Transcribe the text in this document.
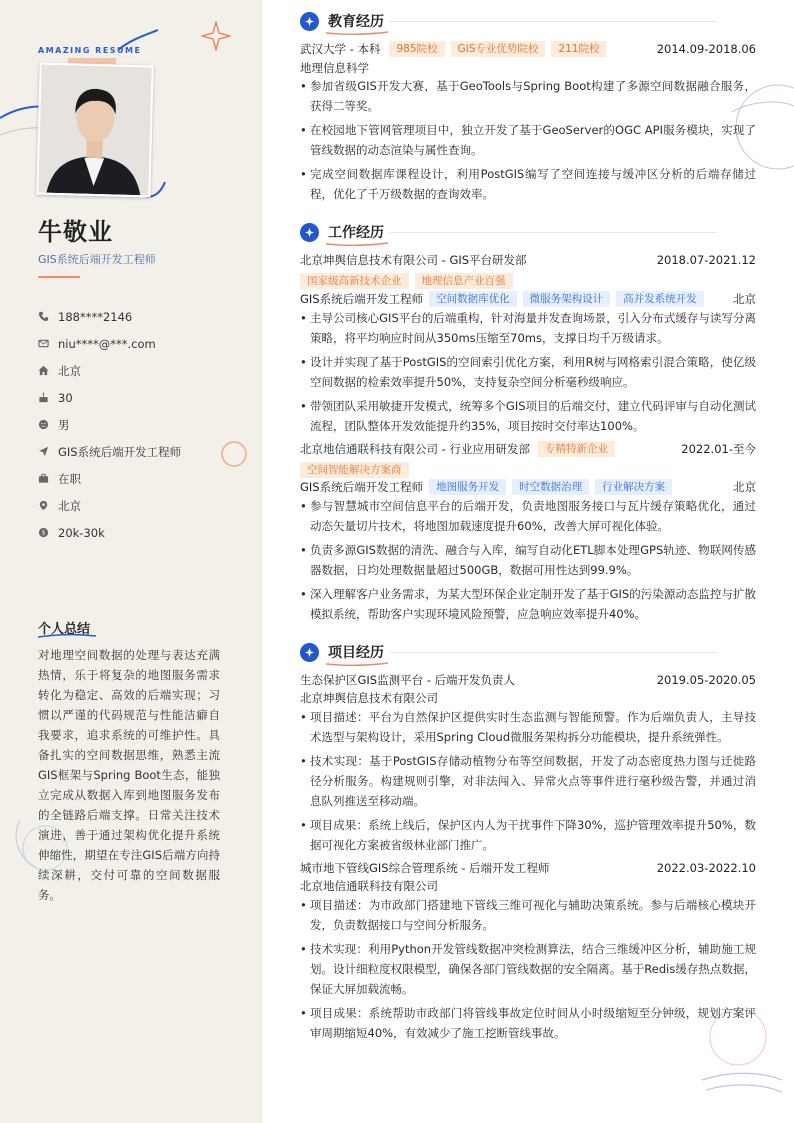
AMAZING RESUME
牛敬业
GIS系统后端开发工程师
188****2146
niu****@***.com
北京
30
男
GIS系统后端开发工程师
在职
北京
$ 20k-30k
个人总结
对地理空间数据的处理与表达充满热情，乐于将复杂的地图服务需求转化为稳定、高效的后端实现；习惯以严谨的代码规范与性能洁癖自我要求，追求系统的可维护性。具备扎实的空间数据思维，熟悉主流GIS框架与Spring Boot生态，能独立完成从数据入库到地图服务发布的全链路后端支撑。日常关注技术演进，善于通过架构优化提升系统伸缩性，期望在专注GIS后端方向持续深耕，交付可靠的空间数据服务。
教育经历
武汉大学 - 本科	985院校	GIS专业优势院校	211院校	2014.09-2018.06
地理信息科学
• 参加省级GIS开发大赛，基于GeoTools与Spring Boot构建了多源空间数据融合服务，获得二等奖。
• 在校园地下管网管理项目中，独立开发了基于GeoServer的OGC API服务模块，实现了管线数据的动态渲染与属性查询。
• 完成空间数据库课程设计，利用PostGIS编写了空间连接与缓冲区分析的后端存储过程，优化了千万级数据的查询效率。
工作经历
北京坤舆信息技术有限公司 - GIS平台研发部	2018.07-2021.12
国家级高新技术企业	地理信息产业百强
GIS系统后端开发工程师	空间数据库优化	微服务架构设计	高并发系统开发	北京
• 主导公司核心GIS平台的后端重构，针对海量并发查询场景，引入分布式缓存与读写分离策略，将平均响应时间从350ms压缩至70ms，支撑日均千万级请求。
• 设计并实现了基于PostGIS的空间索引优化方案，利用R树与网格索引混合策略，使亿级空间数据的检索效率提升50%，支持复杂空间分析毫秒级响应。
• 带领团队采用敏捷开发模式，统筹多个GIS项目的后端交付，建立代码评审与自动化测试流程，团队整体开发效能提升约35%，项目按时交付率达100%。
北京地信通联科技有限公司 - 行业应用研发部	专精特新企业	2022.01-至今
空间智能解决方案商
GIS系统后端开发工程师	地图服务开发	时空数据治理	行业解决方案	北京
• 参与智慧城市空间信息平台的后端开发，负责地图服务接口与瓦片缓存策略优化，通过动态矢量切片技术，将地图加载速度提升60%，改善大屏可视化体验。
• 负责多源GIS数据的清洗、融合与入库，编写自动化ETL脚本处理GPS轨迹、物联网传感器数据，日均处理数据量超过500GB，数据可用性达到99.9%。
• 深入理解客户业务需求，为某大型环保企业定制开发了基于GIS的污染源动态监控与扩散模拟系统，帮助客户实现环境风险预警，应急响应效率提升40%。
项目经历
生态保护区GIS监测平台 - 后端开发负责人	2019.05-2020.05
北京坤舆信息技术有限公司
• 项目描述：平台为自然保护区提供实时生态监测与智能预警。作为后端负责人，主导技术选型与架构设计，采用Spring Cloud微服务架构拆分功能模块，提升系统弹性。
• 技术实现：基于PostGIS存储动植物分布等空间数据，开发了动态密度热力图与迁徙路径分析服务。构建规则引擎，对非法闯入、异常火点等事件进行毫秒级告警，并通过消息队列推送至移动端。
• 项目成果：系统上线后，保护区内人为干扰事件下降30%，巡护管理效率提升50%，数据可视化方案被省级林业部门推广。
城市地下管线GIS综合管理系统 - 后端开发工程师	2022.03-2022.10
北京地信通联科技有限公司
• 项目描述：为市政部门搭建地下管线三维可视化与辅助决策系统。参与后端核心模块开发，负责数据接口与空间分析服务。
• 技术实现：利用Python开发管线数据冲突检测算法，结合三维缓冲区分析，辅助施工规划。设计细粒度权限模型，确保各部门管线数据的安全隔离。基于Redis缓存热点数据，保证大屏加载流畅。
• 项目成果：系统帮助市政部门将管线事故定位时间从小时级缩短至分钟级，规划方案评审周期缩短40%，有效减少了施工挖断管线事故。
